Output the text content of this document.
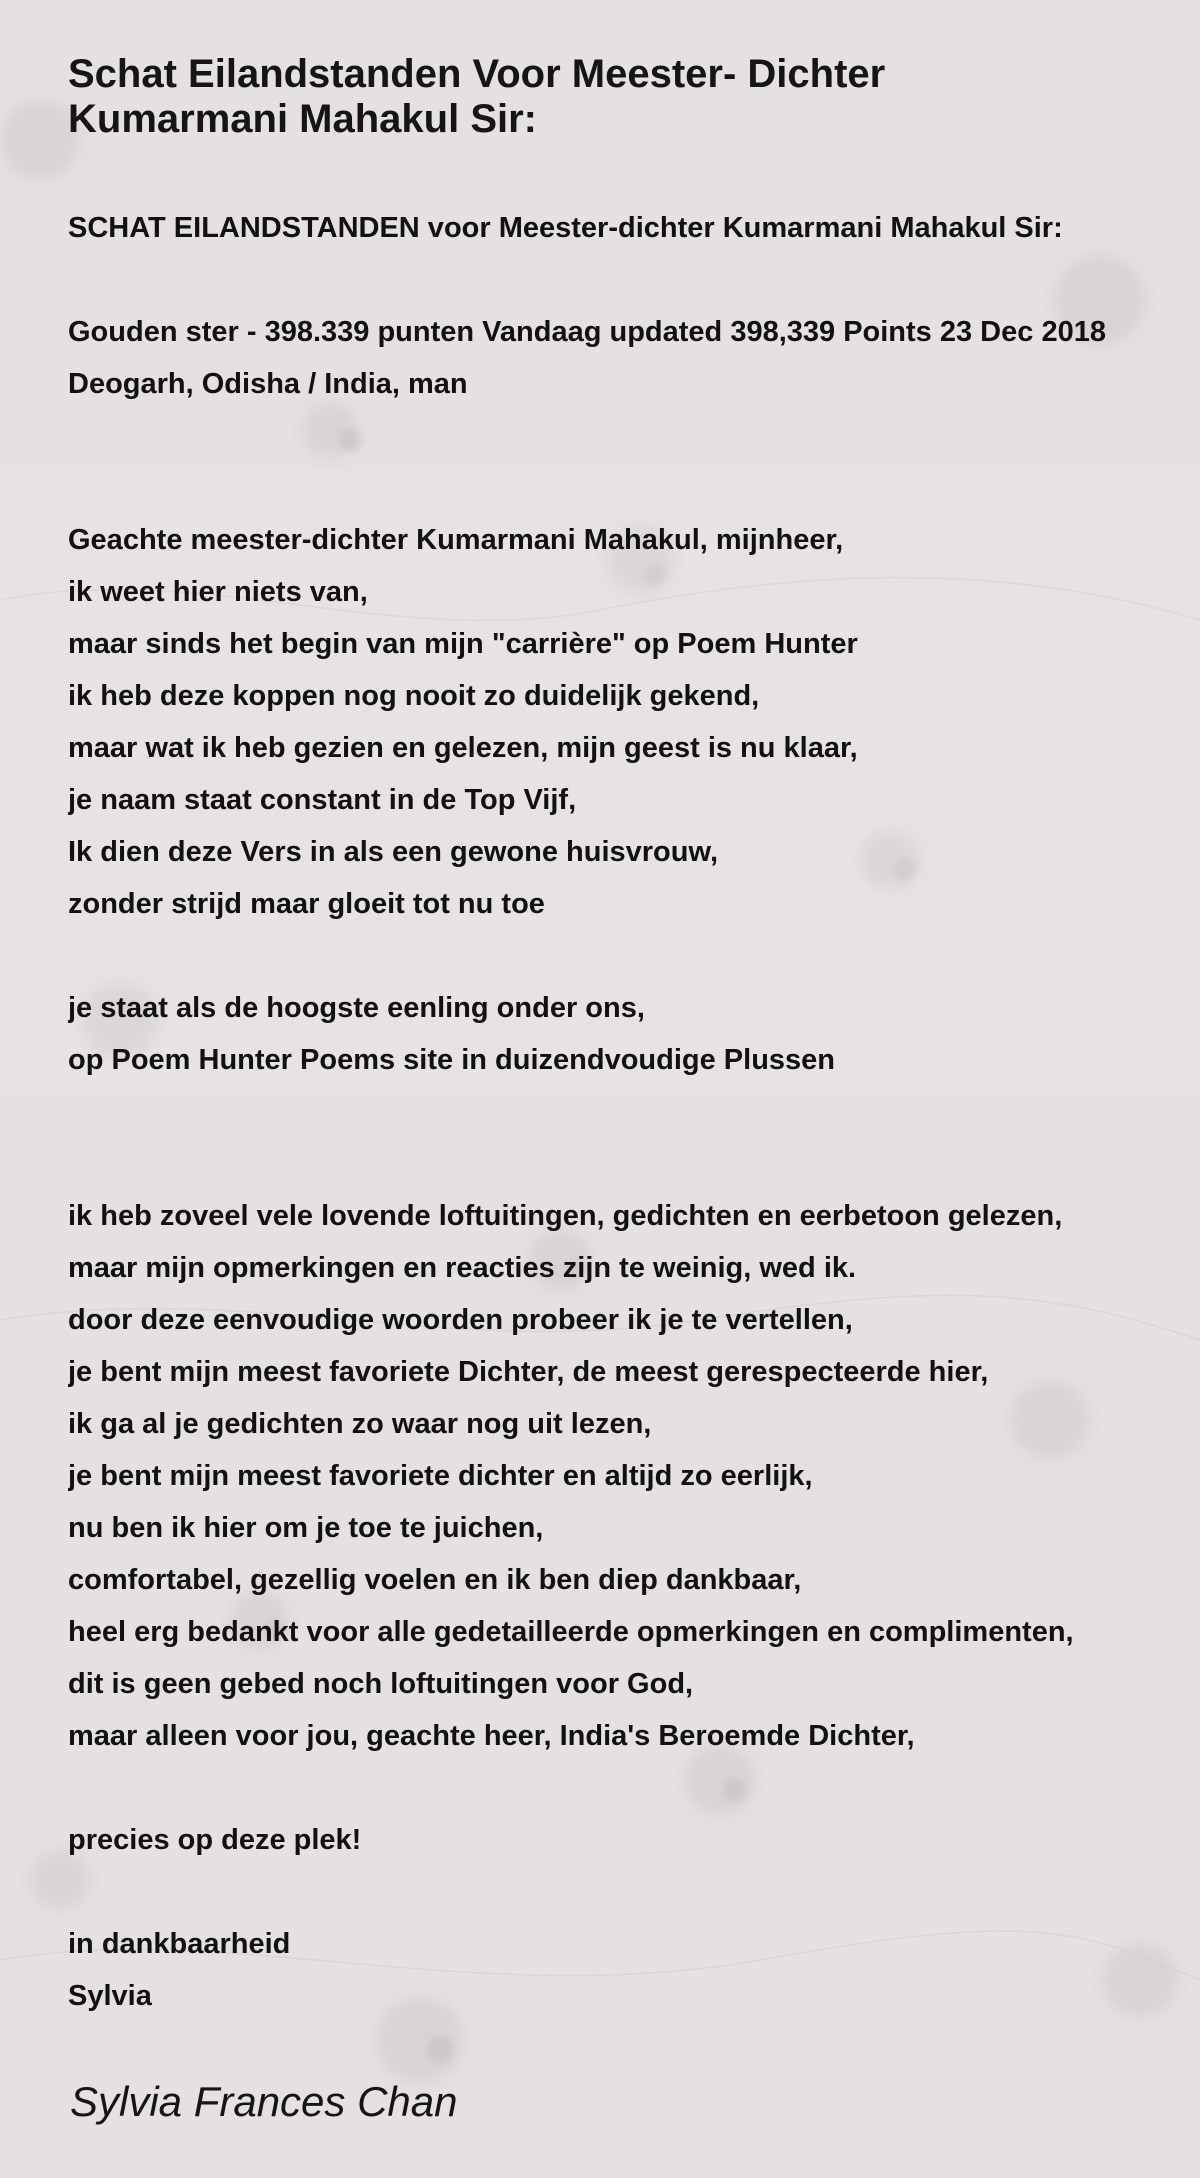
Schat Eilandstanden Voor Meester- Dichter
Kumarmani Mahakul Sir:
SCHAT EILANDSTANDEN voor Meester-dichter Kumarmani Mahakul Sir:
Gouden ster - 398.339 punten Vandaag updated 398,339 Points 23 Dec 2018
Deogarh, Odisha / India, man
Geachte meester-dichter Kumarmani Mahakul, mijnheer,
ik weet hier niets van,
maar sinds het begin van mijn "carrière" op Poem Hunter
ik heb deze koppen nog nooit zo duidelijk gekend,
maar wat ik heb gezien en gelezen, mijn geest is nu klaar,
je naam staat constant in de Top Vijf,
Ik dien deze Vers in als een gewone huisvrouw,
zonder strijd maar gloeit tot nu toe
je staat als de hoogste eenling onder ons,
op Poem Hunter Poems site in duizendvoudige Plussen
ik heb zoveel vele lovende loftuitingen, gedichten en eerbetoon gelezen,
maar mijn opmerkingen en reacties zijn te weinig, wed ik.
door deze eenvoudige woorden probeer ik je te vertellen,
je bent mijn meest favoriete Dichter, de meest gerespecteerde hier,
ik ga al je gedichten zo waar nog uit lezen,
je bent mijn meest favoriete dichter en altijd zo eerlijk,
nu ben ik hier om je toe te juichen,
comfortabel, gezellig voelen en ik ben diep dankbaar,
heel erg bedankt voor alle gedetailleerde opmerkingen en complimenten,
dit is geen gebed noch loftuitingen voor God,
maar alleen voor jou, geachte heer, India's Beroemde Dichter,
precies op deze plek!
in dankbaarheid
Sylvia
Sylvia Frances Chan
